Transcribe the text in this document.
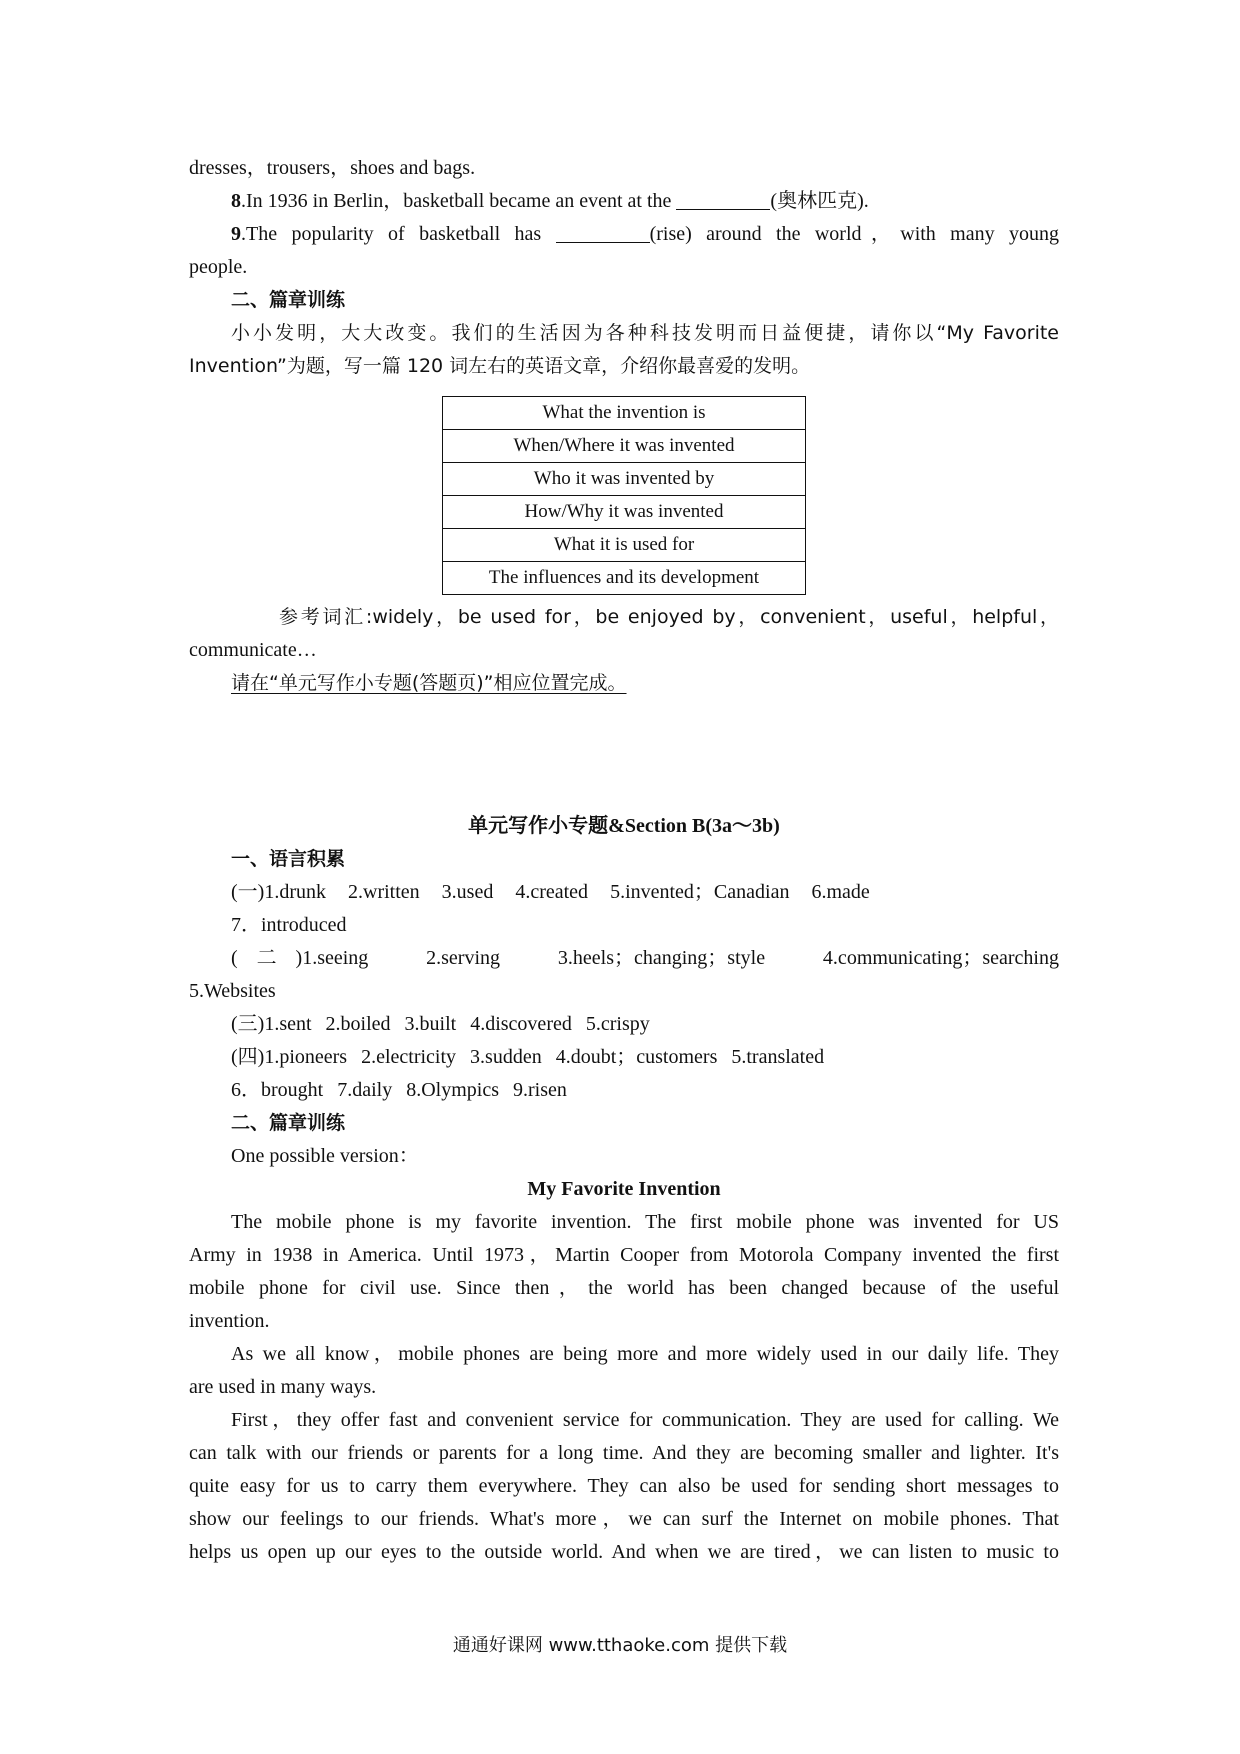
dresses，trousers，shoes and bags.
8.In 1936 in Berlin，basketball became an event at the	(奥林匹克).
9.The popularity of basketball has	(rise) around the world，with many young
people.
二、篇章训练
小小发明，大大改变。我们的生活因为各种科技发明而日益便捷，请你以“My Favorite
Invention”为题，写一篇 120 词左右的英语文章，介绍你最喜爱的发明。
What the invention is
When/Where it was invented
Who it was invented by
How/Why it was invented
What it is used for
The influences and its development
参考词汇:widely，be used for，be enjoyed by，convenient，useful，helpful，
communicate…
请在“单元写作小专题(答题页)”相应位置完成。
单元写作小专题&Section B(3a～3b)
一、语言积累
(一)1.drunk 2.written 3.used 4.created 5.invented；Canadian 6.made
7．introduced
(二)1.seeing　2.serving　3.heels；changing；style　4.communicating；searching
5.Websites
(三)1.sent 2.boiled 3.built 4.discovered 5.crispy
(四)1.pioneers 2.electricity 3.sudden 4.doubt；customers 5.translated
6．brought 7.daily 8.Olympics 9.risen
二、篇章训练
One possible version：
My Favorite Invention
The mobile phone is my favorite invention. The first mobile phone was invented for US
Army in 1938 in America. Until 1973，Martin Cooper from Motorola Company invented the first
mobile phone for civil use. Since then，the world has been changed because of the useful
invention.
As we all know，mobile phones are being more and more widely used in our daily life. They
are used in many ways.
First，they offer fast and convenient service for communication. They are used for calling. We
can talk with our friends or parents for a long time. And they are becoming smaller and lighter. It's
quite easy for us to carry them everywhere. They can also be used for sending short messages to
show our feelings to our friends. What's more，we can surf the Internet on mobile phones. That
helps us open up our eyes to the outside world. And when we are tired，we can listen to music to
通通好课网 www.tthaoke.com 提供下载
